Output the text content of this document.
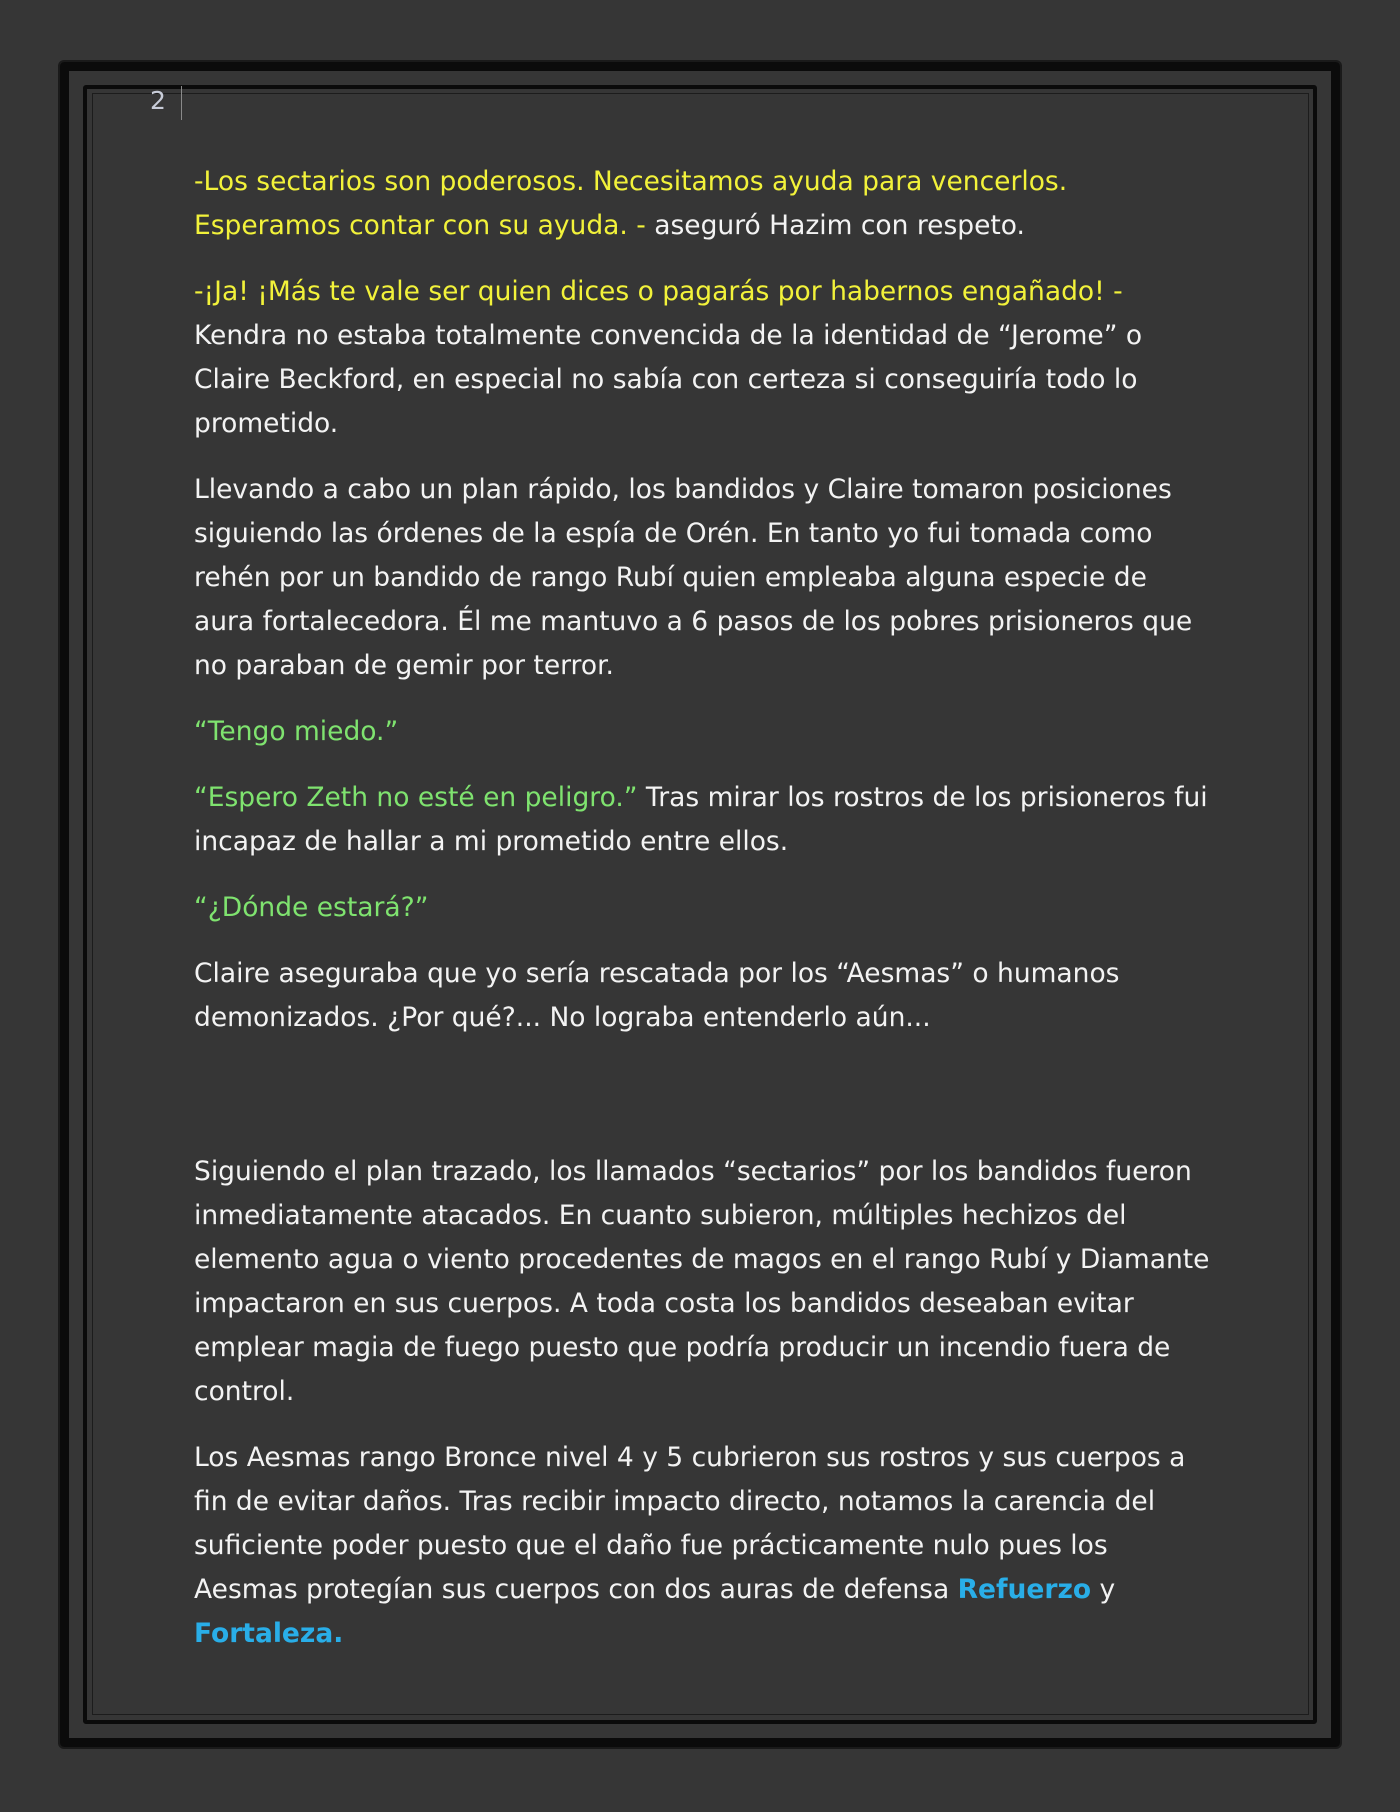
2

-Los sectarios son poderosos. Necesitamos ayuda para vencerlos. Esperamos contar con su ayuda. - aseguró Hazim con respeto.

-¡Ja! ¡Más te vale ser quien dices o pagarás por habernos engañado! - Kendra no estaba totalmente convencida de la identidad de “Jerome” o Claire Beckford, en especial no sabía con certeza si conseguiría todo lo prometido.

Llevando a cabo un plan rápido, los bandidos y Claire tomaron posiciones siguiendo las órdenes de la espía de Orén. En tanto yo fui tomada como rehén por un bandido de rango Rubí quien empleaba alguna especie de aura fortalecedora. Él me mantuvo a 6 pasos de los pobres prisioneros que no paraban de gemir por terror.

“Tengo miedo.”

“Espero Zeth no esté en peligro.” Tras mirar los rostros de los prisioneros fui incapaz de hallar a mi prometido entre ellos.

“¿Dónde estará?”

Claire aseguraba que yo sería rescatada por los “Aesmas” o humanos demonizados. ¿Por qué?... No lograba entenderlo aún...

Siguiendo el plan trazado, los llamados “sectarios” por los bandidos fueron inmediatamente atacados. En cuanto subieron, múltiples hechizos del elemento agua o viento procedentes de magos en el rango Rubí y Diamante impactaron en sus cuerpos. A toda costa los bandidos deseaban evitar emplear magia de fuego puesto que podría producir un incendio fuera de control.

Los Aesmas rango Bronce nivel 4 y 5 cubrieron sus rostros y sus cuerpos a fin de evitar daños. Tras recibir impacto directo, notamos la carencia del suficiente poder puesto que el daño fue prácticamente nulo pues los Aesmas protegían sus cuerpos con dos auras de defensa Refuerzo y Fortaleza.
